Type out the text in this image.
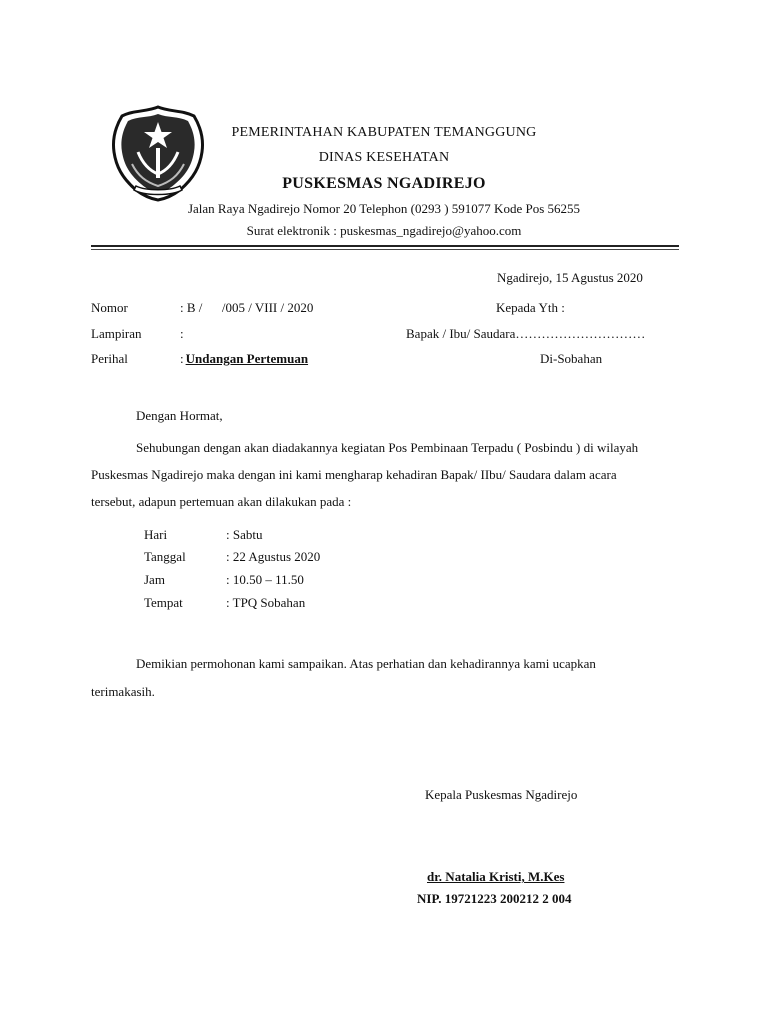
PEMERINTAHAN KABUPATEN TEMANGGUNG
DINAS KESEHATAN
PUSKESMAS NGADIREJO
Jalan Raya Ngadirejo Nomor 20 Telephon (0293 ) 591077 Kode Pos 56255
Surat elektronik : puskesmas_ngadirejo@yahoo.com
Ngadirejo, 15 Agustus 2020
Nomor	: B /      /005 / VIII / 2020	Kepada Yth :
Lampiran	:	Bapak / Ibu/ Saudara…………………………
Perihal	: Undangan Pertemuan	Di-Sobahan
Dengan Hormat,
Sehubungan dengan akan diadakannya kegiatan Pos Pembinaan Terpadu ( Posbindu ) di wilayah Puskesmas Ngadirejo maka dengan ini kami mengharap kehadiran Bapak/ IIbu/ Saudara dalam acara tersebut, adapun pertemuan akan dilakukan pada :
Hari	: Sabtu
Tanggal	: 22 Agustus 2020
Jam	: 10.50 – 11.50
Tempat	: TPQ Sobahan
Demikian permohonan kami sampaikan. Atas perhatian dan kehadirannya kami ucapkan terimakasih.
Kepala Puskesmas Ngadirejo
dr. Natalia Kristi, M.Kes
NIP. 19721223 200212 2 004
